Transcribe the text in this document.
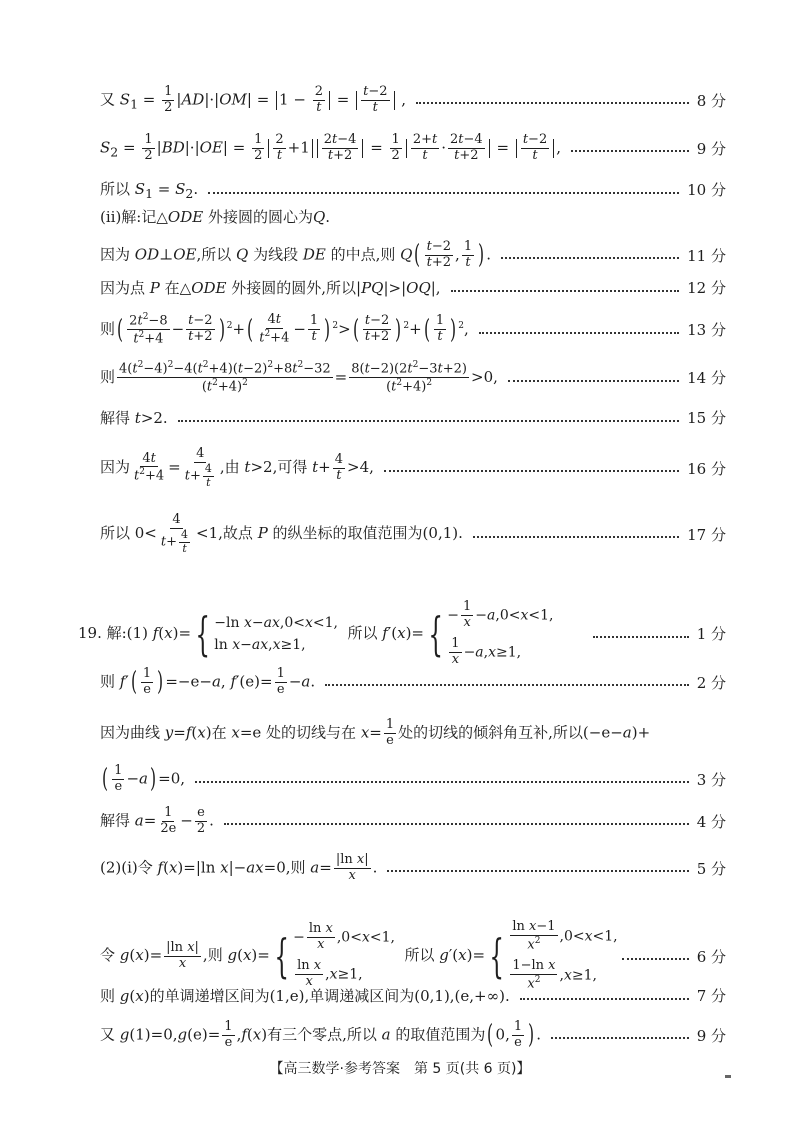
又 $S_1 = \frac{1}{2} |AD|\cdot|OM| = 1 - \frac{2}{t} = \frac{t-2}{t}$ ,	8 分
$S_2 = \frac{1}{2} |BD|\cdot|OE| = \frac{1}{2} \frac{2}{t} +1 \frac{2t-4}{t+2} = \frac{1}{2} \frac{2+t}{t} \cdot \frac{2t-4}{t+2} = \frac{t-2}{t}$ ,	9 分
所以 $S_1 = S_2$.	10 分
(ⅱ)解:记△ODE 外接圆的圆心为Q.
因为 OD⊥OE,所以 Q 为线段 DE 的中点,则 $Q( \frac{t-2}{t+2}$ , $\frac{1}{t}$ ) .	11 分
因为点 P 在△ODE 外接圆的圆外,所以|PQ|>|OQ|,	12 分
则( $\frac{2t^2-8}{t^2+4} - \frac{t-2}{t+2}$ ) $^2+( \frac{4t}{t^2+4} - \frac{1}{t}$ ) $^2>( \frac{t-2}{t+2}$ ) $^2+( \frac{1}{t}$ ) $^2$,	13 分
则 $\frac{4(t^2-4)^2-4(t^2+4)(t-2)^2+8t^2-32}{(t^2+4)^2} = \frac{8(t-2)(2t^2-3t+2)}{(t^2+4)^2} >0$,	14 分
解得 t>2.	15 分
因为 $\frac{4t}{t^2+4} = \frac{4}{t+ \frac{4}{t}}$ ,由 t>2,可得 $t+ \frac{4}{t} >4$,	16 分
所以 $0< \frac{4}{t+ \frac{4}{t}} <1$,故点 P 的纵坐标的取值范围为(0,1).	17 分
19. 解:(1) f(x)={ −ln x−ax,0<x<1,
ln x−ax,x≥1,
所以 $f'(x)=\{ - \frac{1}{x} -a,0<x<1$,
$\frac{1}{x} -a,x\ge 1$,
1 分
则 $f'( \frac{1}{e}$ ) =−e−a, $f'(e)= \frac{1}{e} -a$.	2 分
因为曲线 y=f(x)在 x=e 处的切线与在 $x= \frac{1}{e}$ 处的切线的倾斜角互补,所以(−e−a)+
( $\frac{1}{e} -a) =0$,	3 分
解得 $a= \frac{1}{2e} - \frac{e}{2}$ .	4 分
(2)(ⅰ)令 f(x)=|ln x|−ax=0,则 $a= \frac{\text{|ln x|}}{x}$ .	5 分
令 $g(x)= \frac{\text{|ln x|}}{x}$ ,则 $g(x)=\{ - \frac{\text{ln x}}{x} ,0<x<1$,
$\frac{\text{ln x}}{x} ,x\ge 1$,
所以 $g'(x)=\{ \frac{\text{ln x−1}}{x^2} ,0<x<1$,
$\frac{\text{1−ln x}}{x^2} ,x\ge 1$,
6 分
则 g(x)的单调递增区间为(1,e),单调递减区间为(0,1),(e,+∞).	7 分
又 $g(1)=0,g(e)= \frac{1}{e} ,f(x)$有三个零点,所以 a 的取值范围为( 0, $\frac{1}{e}$ ) .	9 分
【高三数学·参考答案　第 5 页(共 6 页)】
